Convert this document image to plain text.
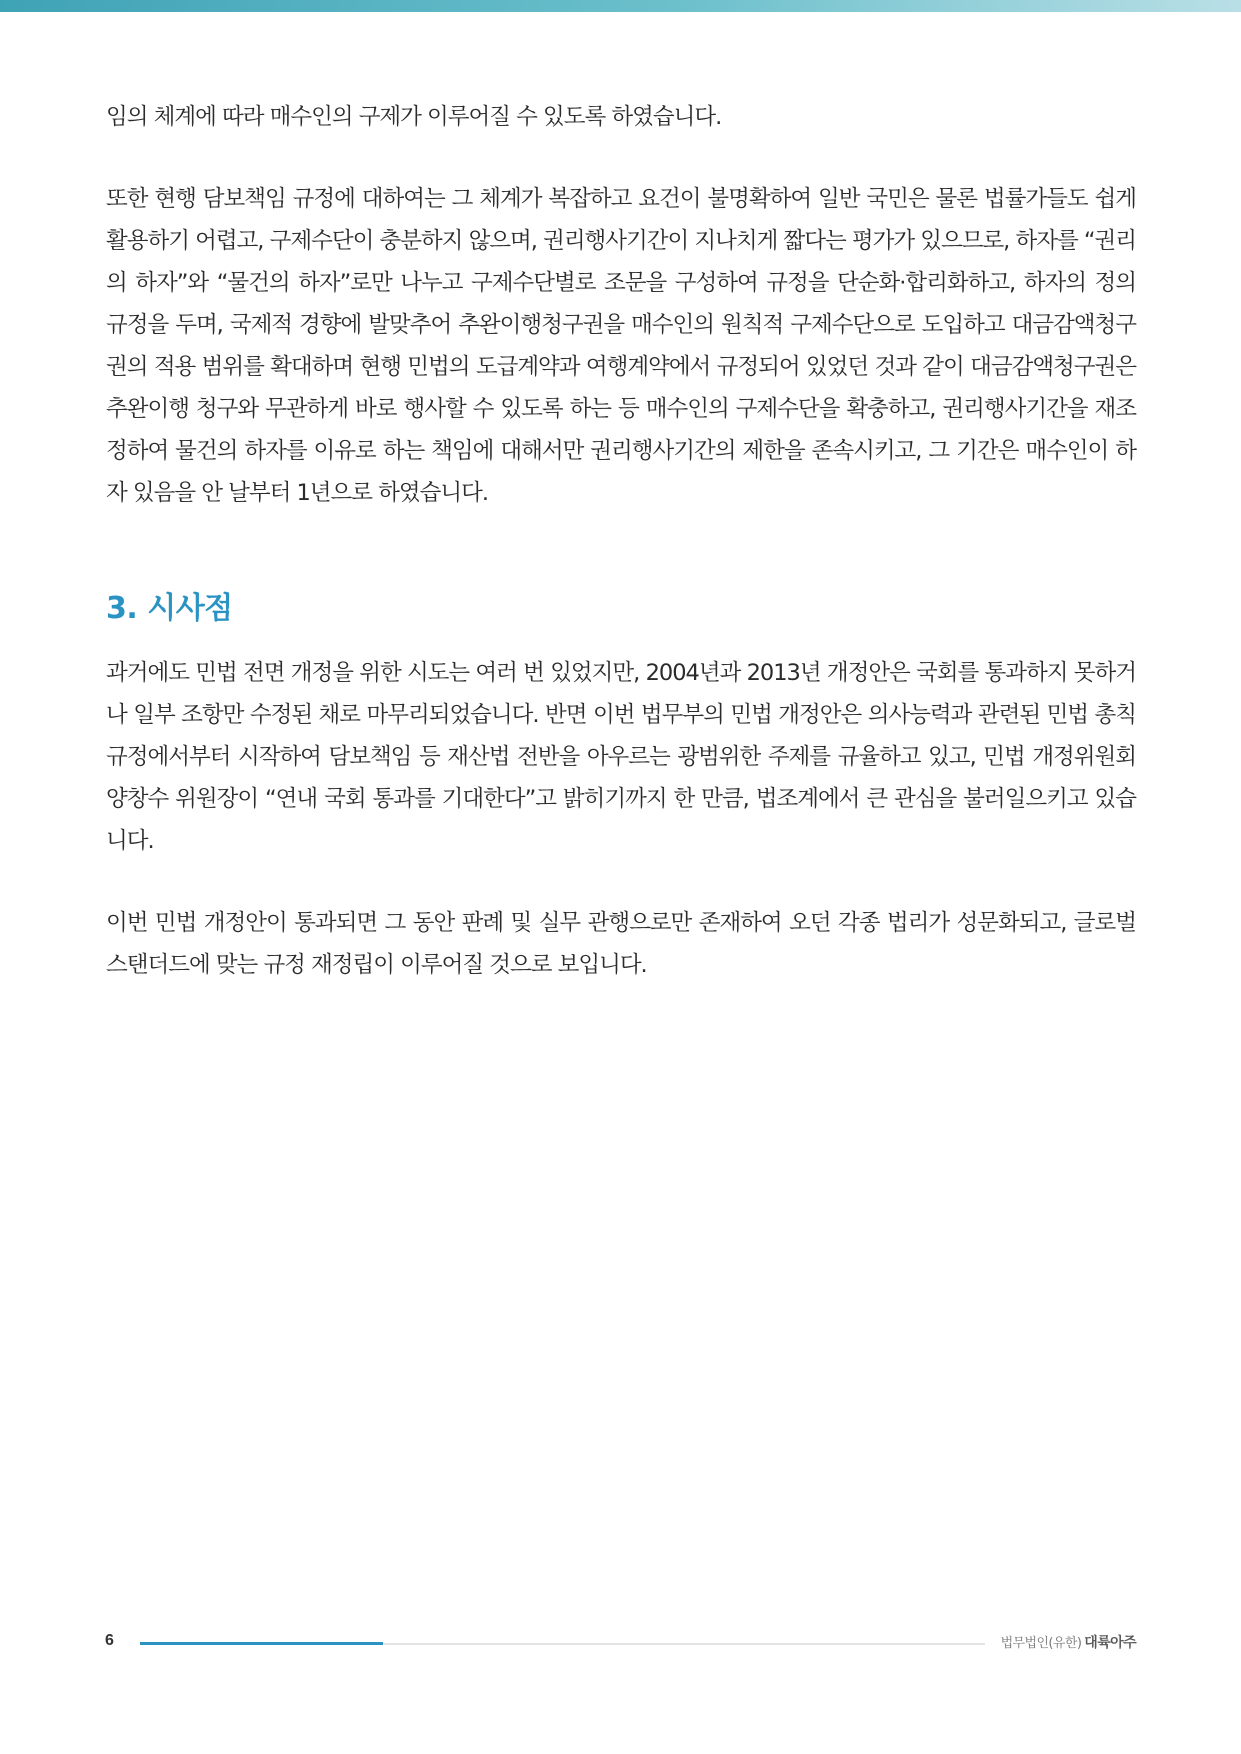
임의 체계에 따라 매수인의 구제가 이루어질 수 있도록 하였습니다.

또한 현행 담보책임 규정에 대하여는 그 체계가 복잡하고 요건이 불명확하여 일반 국민은 물론 법률가들도 쉽게 활용하기 어렵고, 구제수단이 충분하지 않으며, 권리행사기간이 지나치게 짧다는 평가가 있으므로, 하자를 “권리의 하자”와 “물건의 하자”로만 나누고 구제수단별로 조문을 구성하여 규정을 단순화·합리화하고, 하자의 정의 규정을 두며, 국제적 경향에 발맞추어 추완이행청구권을 매수인의 원칙적 구제수단으로 도입하고 대금감액청구권의 적용 범위를 확대하며 현행 민법의 도급계약과 여행계약에서 규정되어 있었던 것과 같이 대금감액청구권은 추완이행 청구와 무관하게 바로 행사할 수 있도록 하는 등 매수인의 구제수단을 확충하고, 권리행사기간을 재조정하여 물건의 하자를 이유로 하는 책임에 대해서만 권리행사기간의 제한을 존속시키고, 그 기간은 매수인이 하자 있음을 안 날부터 1년으로 하였습니다.

3. 시사점

과거에도 민법 전면 개정을 위한 시도는 여러 번 있었지만, 2004년과 2013년 개정안은 국회를 통과하지 못하거나 일부 조항만 수정된 채로 마무리되었습니다. 반면 이번 법무부의 민법 개정안은 의사능력과 관련된 민법 총칙 규정에서부터 시작하여 담보책임 등 재산법 전반을 아우르는 광범위한 주제를 규율하고 있고, 민법 개정위원회 양창수 위원장이 “연내 국회 통과를 기대한다”고 밝히기까지 한 만큼, 법조계에서 큰 관심을 불러일으키고 있습니다.

이번 민법 개정안이 통과되면 그 동안 판례 및 실무 관행으로만 존재하여 오던 각종 법리가 성문화되고, 글로벌 스탠더드에 맞는 규정 재정립이 이루어질 것으로 보입니다.

6	법무법인(유한) 대륙아주
